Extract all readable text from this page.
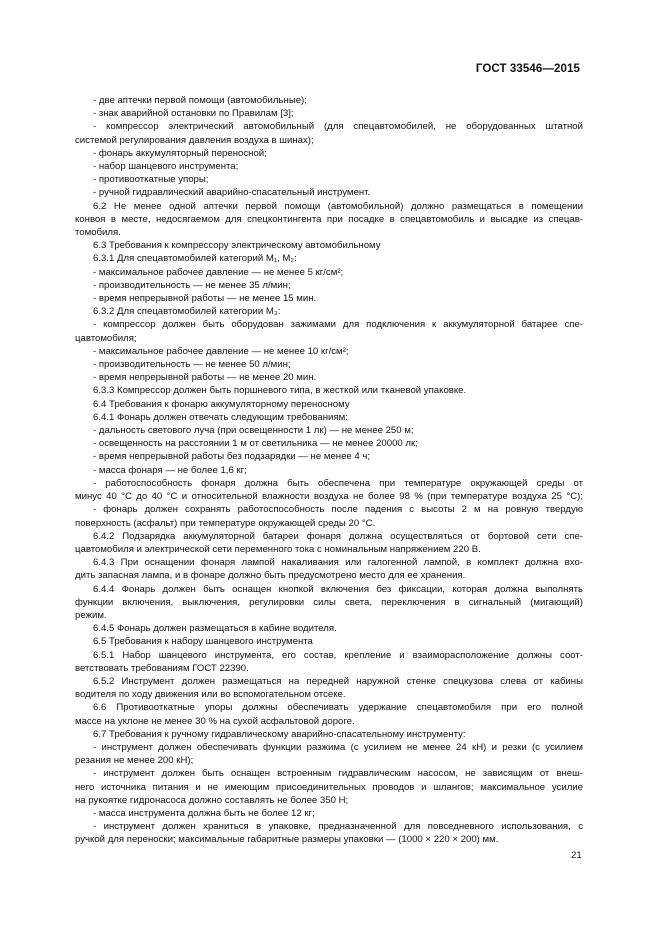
ГОСТ 33546—2015
- две аптечки первой помощи (автомобильные);
- знак аварийной остановки по Правилам [3];
- компрессор электрический автомобильный (для спецавтомобилей, не оборудованных штатной
системой регулирования давления воздуха в шинах);
- фонарь аккумуляторный переносной;
- набор шанцевого инструмента;
- противооткатные упоры;
- ручной гидравлический аварийно-спасательный инструмент.
6.2 Не менее одной аптечки первой помощи (автомобильной) должно размещаться в помещении
конвоя в месте, недосягаемом для спецконтингента при посадке в спецавтомобиль и высадке из спецав-
томобиля.
6.3 Требования к компрессору электрическому автомобильному
6.3.1 Для спецавтомобилей категорий М₁, М₂:
- максимальное рабочее давление — не менее 5 кг/см²;
- производительность — не менее 35 л/мин;
- время непрерывной работы — не менее 15 мин.
6.3.2 Для спецавтомобилей категории М₃:
- компрессор должен быть оборудован зажимами для подключения к аккумуляторной батарее спе-
цавтомобиля;
- максимальное рабочее давление — не менее 10 кг/см²;
- производительность — не менее 50 л/мин;
- время непрерывной работы — не менее 20 мин.
6.3.3 Компрессор должен быть поршневого типа, в жесткой или тканевой упаковке.
6.4 Требования к фонарю аккумуляторному переносному
6.4.1 Фонарь должен отвечать следующим требованиям:
- дальность светового луча (при освещенности 1 лк) — не менее 250 м;
- освещенность на расстоянии 1 м от светильника — не менее 20000 лк;
- время непрерывной работы без подзарядки — не менее 4 ч;
- масса фонаря — не более 1,6 кг;
- работоспособность фонаря должна быть обеспечена при температуре окружающей среды от
минус 40 °С до 40 °С и относительной влажности воздуха не более 98 % (при температуре воздуха 25 °С);
- фонарь должен сохранять работоспособность после падения с высоты 2 м на ровную твердую
поверхность (асфальт) при температуре окружающей среды 20 °С.
6.4.2 Подзарядка аккумуляторной батареи фонаря должна осуществляться от бортовой сети спе-
цавтомобиля и электрической сети переменного тока с номинальным напряжением 220 В.
6.4.3 При оснащении фонаря лампой накаливания или галогенной лампой, в комплект должна вхо-
дить запасная лампа, и в фонаре должно быть предусмотрено место для ее хранения.
6.4.4 Фонарь должен быть оснащен кнопкой включения без фиксации, которая должна выполнять
функции включения, выключения, регулировки силы света, переключения в сигнальный (мигающий)
режим.
6.4.5 Фонарь должен размещаться в кабине водителя.
6.5 Требования к набору шанцевого инструмента
6.5.1 Набор шанцевого инструмента, его состав, крепление и взаиморасположение должны соот-
ветствовать требованиям ГОСТ 22390.
6.5.2 Инструмент должен размещаться на передней наружной стенке спецкузова слева от кабины
водителя по ходу движения или во вспомогательном отсеке.
6.6 Противооткатные упоры должны обеспечивать удержание спецавтомобиля при его полной
массе на уклоне не менее 30 % на сухой асфальтовой дороге.
6.7 Требования к ручному гидравлическому аварийно-спасательному инструменту:
- инструмент должен обеспечивать функции разжима (с усилием не менее 24 кН) и резки (с усилием
резания не менее 200 кН);
- инструмент должен быть оснащен встроенным гидравлическим насосом, не зависящим от внеш-
него источника питания и не имеющим присоединительных проводов и шлангов; максимальное усилие
на рукоятке гидронасоса должно составлять не более 350 Н;
- масса инструмента должна быть не более 12 кг;
- инструмент должен храниться в упаковке, предназначенной для повседневного использования, с
ручкой для переноски; максимальные габаритные размеры упаковки — (1000 × 220 × 200) мм.
21
